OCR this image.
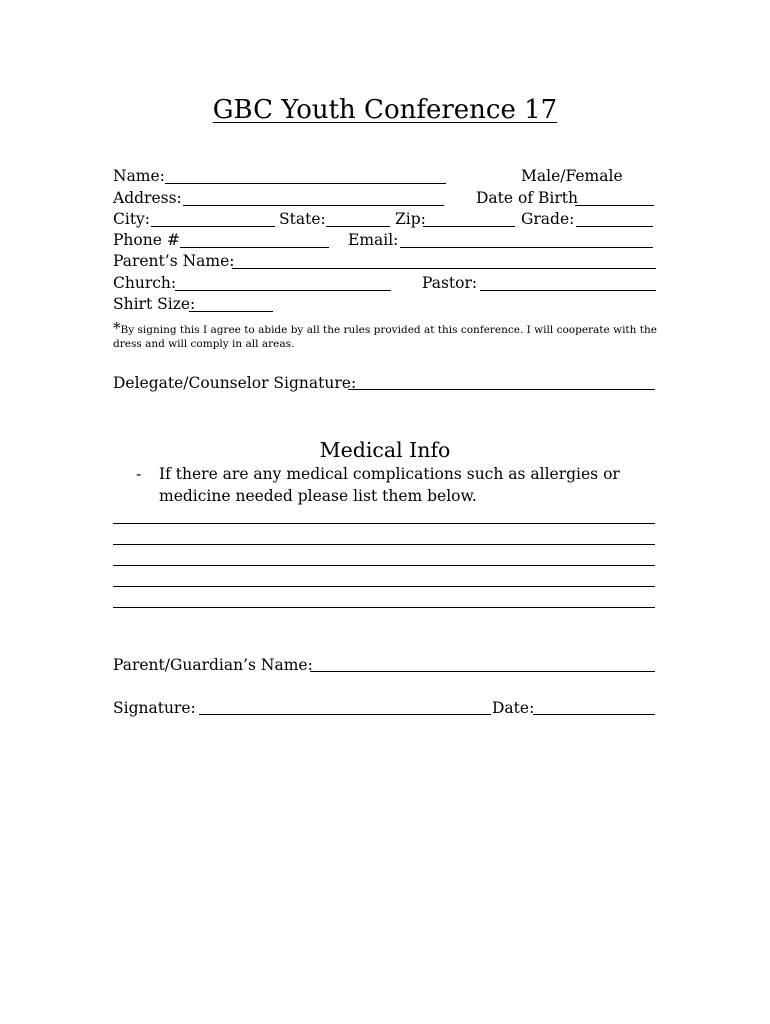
GBC Youth Conference 17
Name:	Male/Female
Address:	Date of Birth
City:	State:	Zip:	Grade:
Phone #	Email:
Parent’s Name:
Church:	Pastor:
Shirt Size:
*By signing this I agree to abide by all the rules provided at this conference. I will cooperate with the
dress and will comply in all areas.
Delegate/Counselor Signature:
Medical Info
- If there are any medical complications such as allergies or
medicine needed please list them below.
Parent/Guardian’s Name:
Signature:	Date:
